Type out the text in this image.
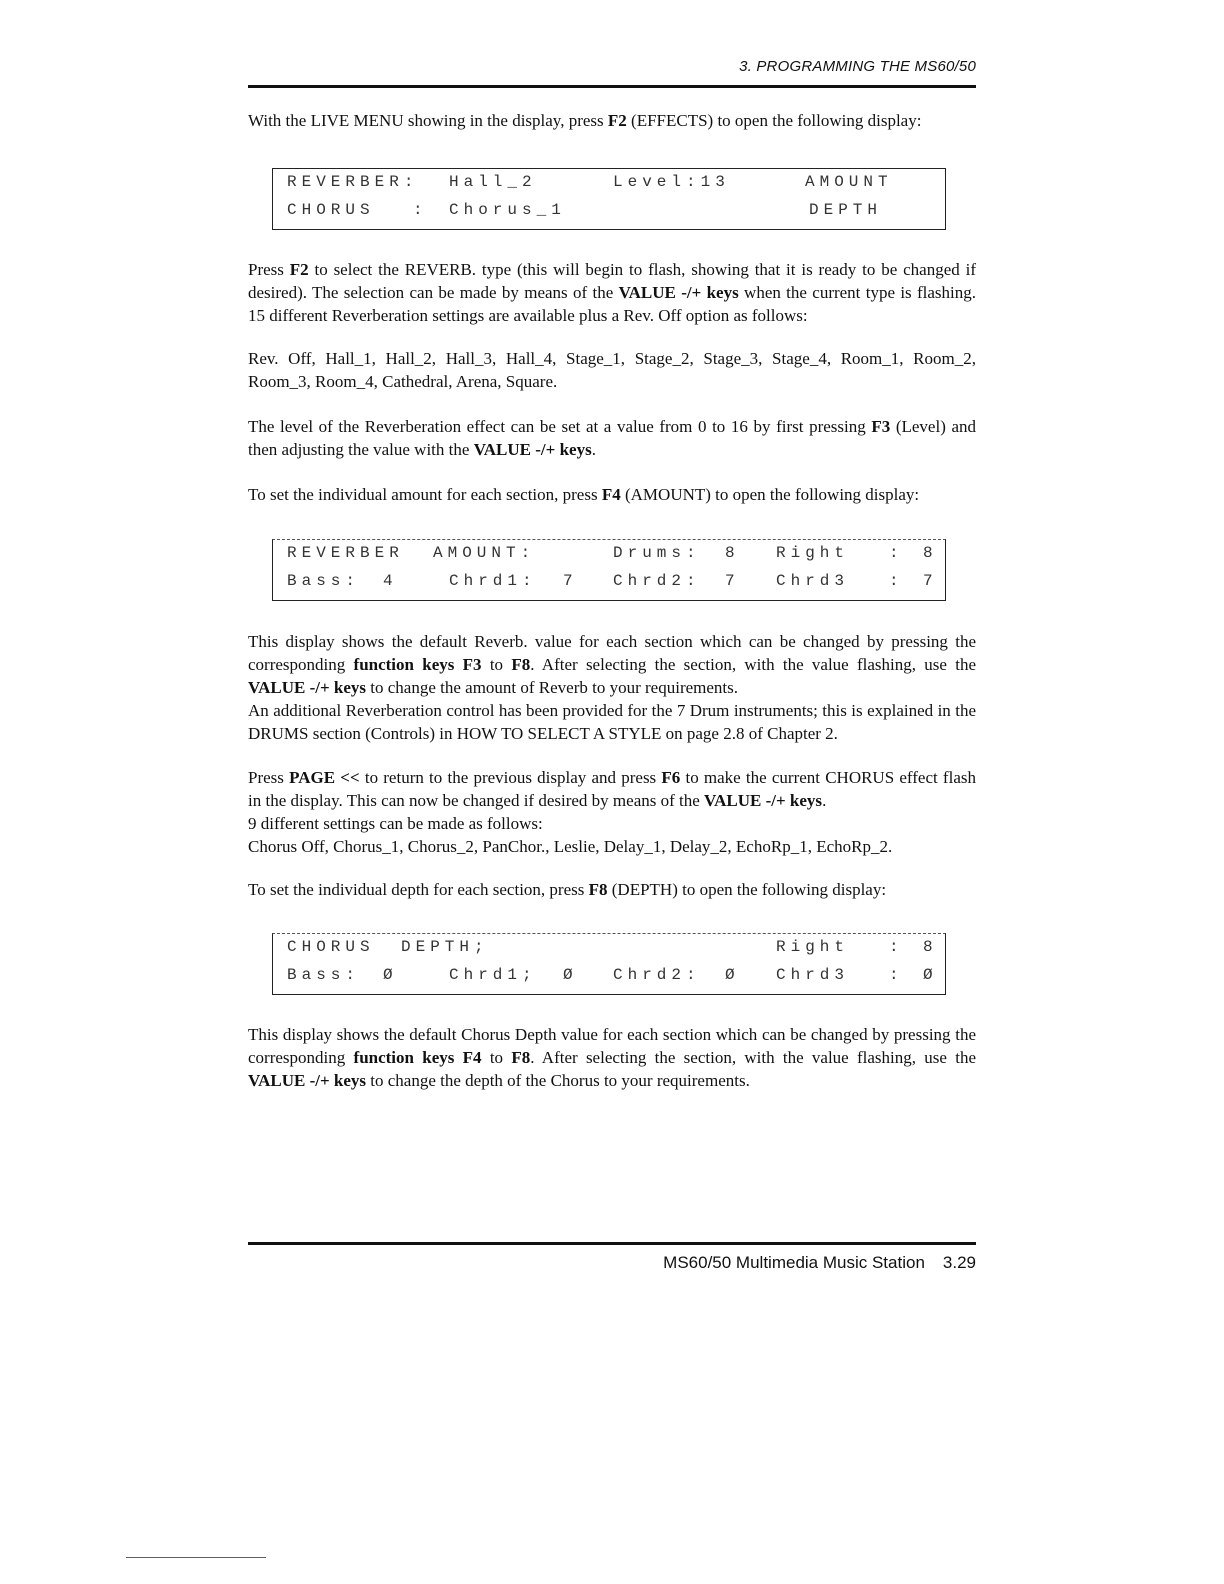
3. PROGRAMMING THE MS60/50

With the LIVE MENU showing in the display, press F2 (EFFECTS) to open the following display:

REVERBER: Hall_2	Level:13	AMOUNT
CHORUS : Chorus_1	DEPTH

Press F2 to select the REVERB. type (this will begin to flash, showing that it is ready to be changed if desired). The selection can be made by means of the VALUE -/+ keys when the current type is flashing. 15 different Reverberation settings are available plus a Rev. Off option as follows:

Rev. Off, Hall_1, Hall_2, Hall_3, Hall_4, Stage_1, Stage_2, Stage_3, Stage_4, Room_1, Room_2, Room_3, Room_4, Cathedral, Arena, Square.

The level of the Reverberation effect can be set at a value from 0 to 16 by first pressing F3 (Level) and then adjusting the value with the VALUE -/+ keys.

To set the individual amount for each section, press F4 (AMOUNT) to open the following display:

REVERBER AMOUNT:	Drums: 8 Right : 8
Bass: 4	Chrd1: 7 Chrd2: 7 Chrd3 : 7

This display shows the default Reverb. value for each section which can be changed by pressing the corresponding function keys F3 to F8. After selecting the section, with the value flashing, use the VALUE -/+ keys to change the amount of Reverb to your requirements.

An additional Reverberation control has been provided for the 7 Drum instruments; this is explained in the DRUMS section (Controls) in HOW TO SELECT A STYLE on page 2.8 of Chapter 2.

Press PAGE << to return to the previous display and press F6 to make the current CHORUS effect flash in the display. This can now be changed if desired by means of the VALUE -/+ keys.
9 different settings can be made as follows:
Chorus Off, Chorus_1, Chorus_2, PanChor., Leslie, Delay_1, Delay_2, EchoRp_1, EchoRp_2.

To set the individual depth for each section, press F8 (DEPTH) to open the following display:

CHORUS DEPTH;	Right : 8
Bass: Ø	Chrd1; Ø Chrd2: Ø Chrd3 : Ø

This display shows the default Chorus Depth value for each section which can be changed by pressing the corresponding function keys F4 to F8. After selecting the section, with the value flashing, use the VALUE -/+ keys to change the depth of the Chorus to your requirements.

MS60/50 Multimedia Music Station 3.29
